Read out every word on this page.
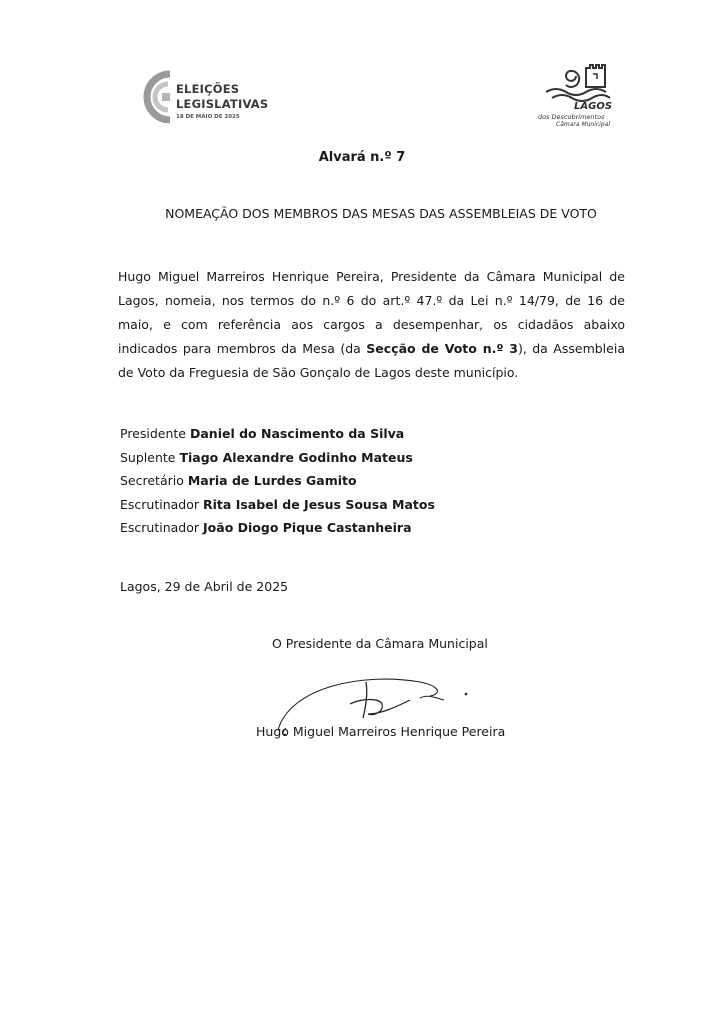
ELEIÇÕES
LEGISLATIVAS
18 DE MAIO DE 2025
LAGOS
dos Descobrimentos
Câmara Municipal
Alvará n.º 7
NOMEAÇÃO DOS MEMBROS DAS MESAS DAS ASSEMBLEIAS DE VOTO
Hugo Miguel Marreiros Henrique Pereira, Presidente da Câmara Municipal de Lagos, nomeia, nos termos do n.º 6 do art.º 47.º da Lei n.º 14/79, de 16 de maio, e com referência aos cargos a desempenhar, os cidadãos abaixo indicados para membros da Mesa (da Secção de Voto n.º 3), da Assembleia de Voto da Freguesia de São Gonçalo de Lagos deste município.
Presidente Daniel do Nascimento da Silva
Suplente Tiago Alexandre Godinho Mateus
Secretário Maria de Lurdes Gamito
Escrutinador Rita Isabel de Jesus Sousa Matos
Escrutinador João Diogo Pique Castanheira
Lagos, 29 de Abril de 2025
O Presidente da Câmara Municipal
Hugo Miguel Marreiros Henrique Pereira
